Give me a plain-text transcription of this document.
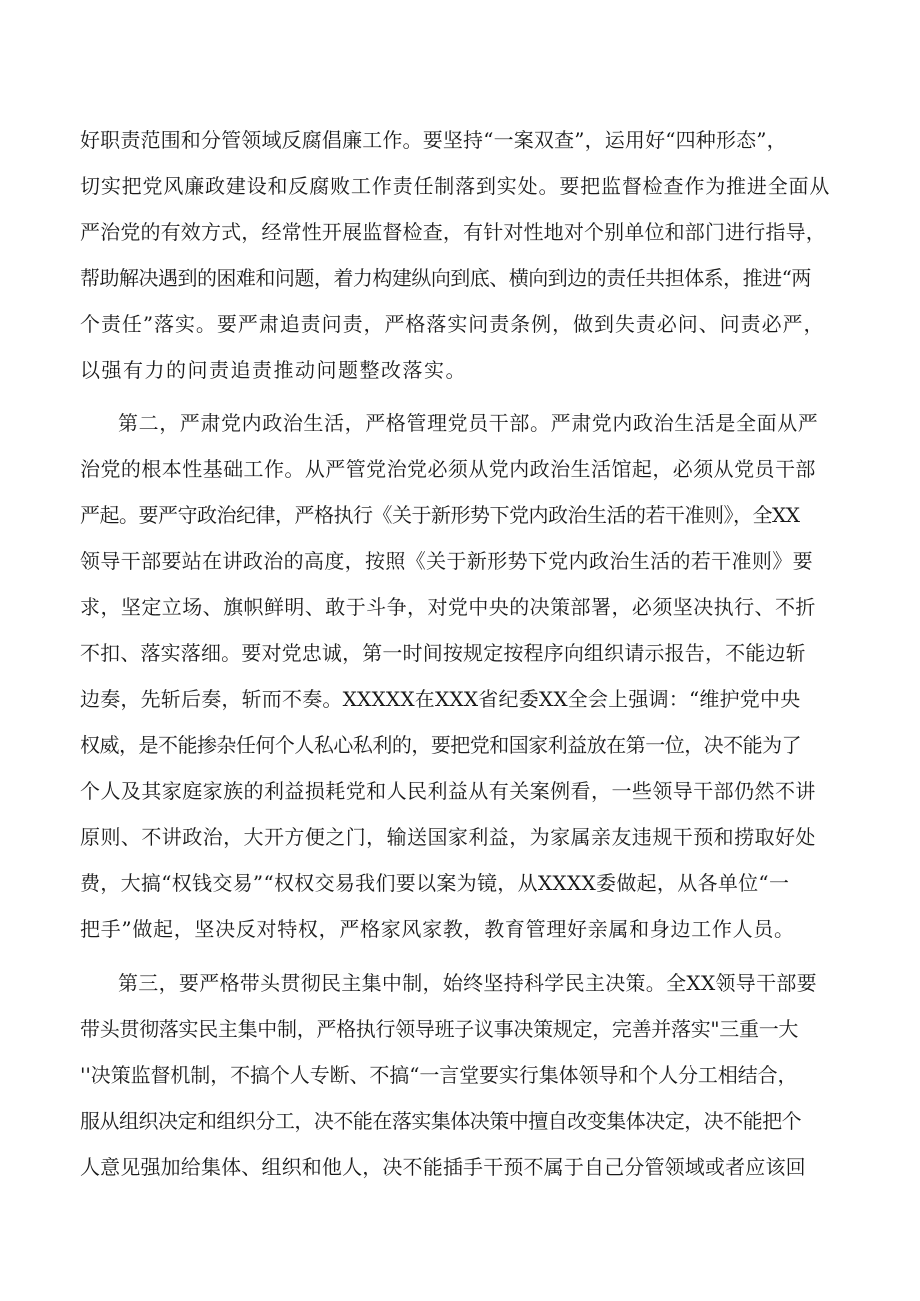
好职责范围和分管领域反腐倡廉工作。要坚持“一案双查”，运用好“四种形态”，
切实把党风廉政建设和反腐败工作责任制落到实处。要把监督检查作为推进全面从
严治党的有效方式，经常性开展监督检查，有针对性地对个别单位和部门进行指导，
帮助解决遇到的困难和问题，着力构建纵向到底、横向到边的责任共担体系，推进“两
个责任”落实。要严肃追责问责，严格落实问责条例，做到失责必问、问责必严，
以强有力的问责追责推动问题整改落实。
第二，严肃党内政治生活，严格管理党员干部。严肃党内政治生活是全面从严
治党的根本性基础工作。从严管党治党必须从党内政治生活馆起，必须从党员干部
严起。要严守政治纪律，严格执行《关于新形势下党内政治生活的若干准则》，全XX
领导干部要站在讲政治的高度，按照《关于新形势下党内政治生活的若干准则》要
求，坚定立场、旗帜鲜明、敢于斗争，对党中央的决策部署，必须坚决执行、不折
不扣、落实落细。要对党忠诚，第一时间按规定按程序向组织请示报告，不能边斩
边奏，先斩后奏，斩而不奏。XXXXX在XXX省纪委XX全会上强调：“维护党中央
权威，是不能掺杂任何个人私心私利的，要把党和国家利益放在第一位，决不能为了
个人及其家庭家族的利益损耗党和人民利益从有关案例看，一些领导干部仍然不讲
原则、不讲政治，大开方便之门，输送国家利益，为家属亲友违规干预和捞取好处
费，大搞“权钱交易”“权权交易我们要以案为镜，从XXXX委做起，从各单位“一
把手”做起，坚决反对特权，严格家风家教，教育管理好亲属和身边工作人员。
第三，要严格带头贯彻民主集中制，始终坚持科学民主决策。全XX领导干部要
带头贯彻落实民主集中制，严格执行领导班子议事决策规定，完善并落实"三重一大
''决策监督机制，不搞个人专断、不搞“一言堂要实行集体领导和个人分工相结合，
服从组织决定和组织分工，决不能在落实集体决策中擅自改变集体决定，决不能把个
人意见强加给集体、组织和他人，决不能插手干预不属于自己分管领域或者应该回
